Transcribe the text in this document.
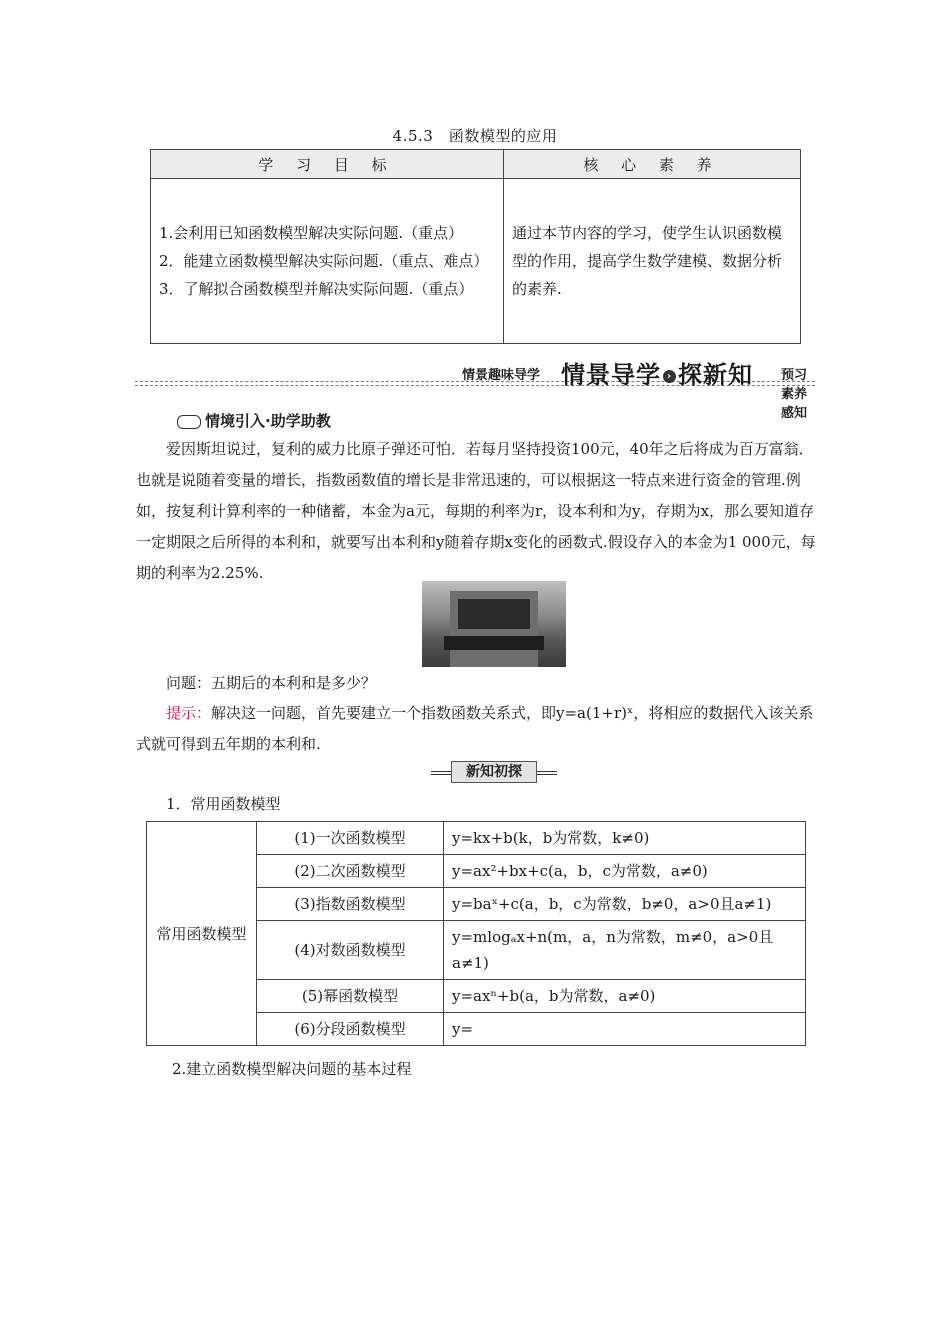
4.5.3　函数模型的应用
学 习 目 标	核 心 素 养

1.会利用已知函数模型解决实际问题.（重点）
2．能建立函数模型解决实际问题.（重点、难点）
3．了解拟合函数模型并解决实际问题.（重点）	通过本节内容的学习，使学生认识函数模型的作用，提高学生数学建模、数据分析的素养.
情景趣味导学 情景导学 › 探新知 预习素养感知
情境引入·助学助教

爱因斯坦说过，复利的威力比原子弹还可怕．若每月坚持投资100元，40年之后将成为百万富翁．也就是说随着变量的增长，指数函数值的增长是非常迅速的，可以根据这一特点来进行资金的管理.例如，按复利计算利率的一种储蓄，本金为a元，每期的利率为r，设本利和为y，存期为x，那么要知道存一定期限之后所得的本利和，就要写出本利和y随着存期x变化的函数式.假设存入的本金为1 000元，每期的利率为2.25%.

问题：五期后的本利和是多少？

提示：解决这一问题，首先要建立一个指数函数关系式，即y=a(1+r)ˣ，将相应的数据代入该关系式就可得到五年期的本利和.

新知初探

1．常用函数模型

常用函数模型	(1)一次函数模型	y=kx+b(k，b为常数，k≠0)
	(2)二次函数模型	y=ax²+bx+c(a，b，c为常数，a≠0)
	(3)指数函数模型	y=baˣ+c(a，b，c为常数，b≠0，a>0且a≠1)
	(4)对数函数模型	y=mlogₐx+n(m，a，n为常数，m≠0，a>0且a≠1)
	(5)幂函数模型	y=axⁿ+b(a，b为常数，a≠0)
	(6)分段函数模型	y=

2.建立函数模型解决问题的基本过程
